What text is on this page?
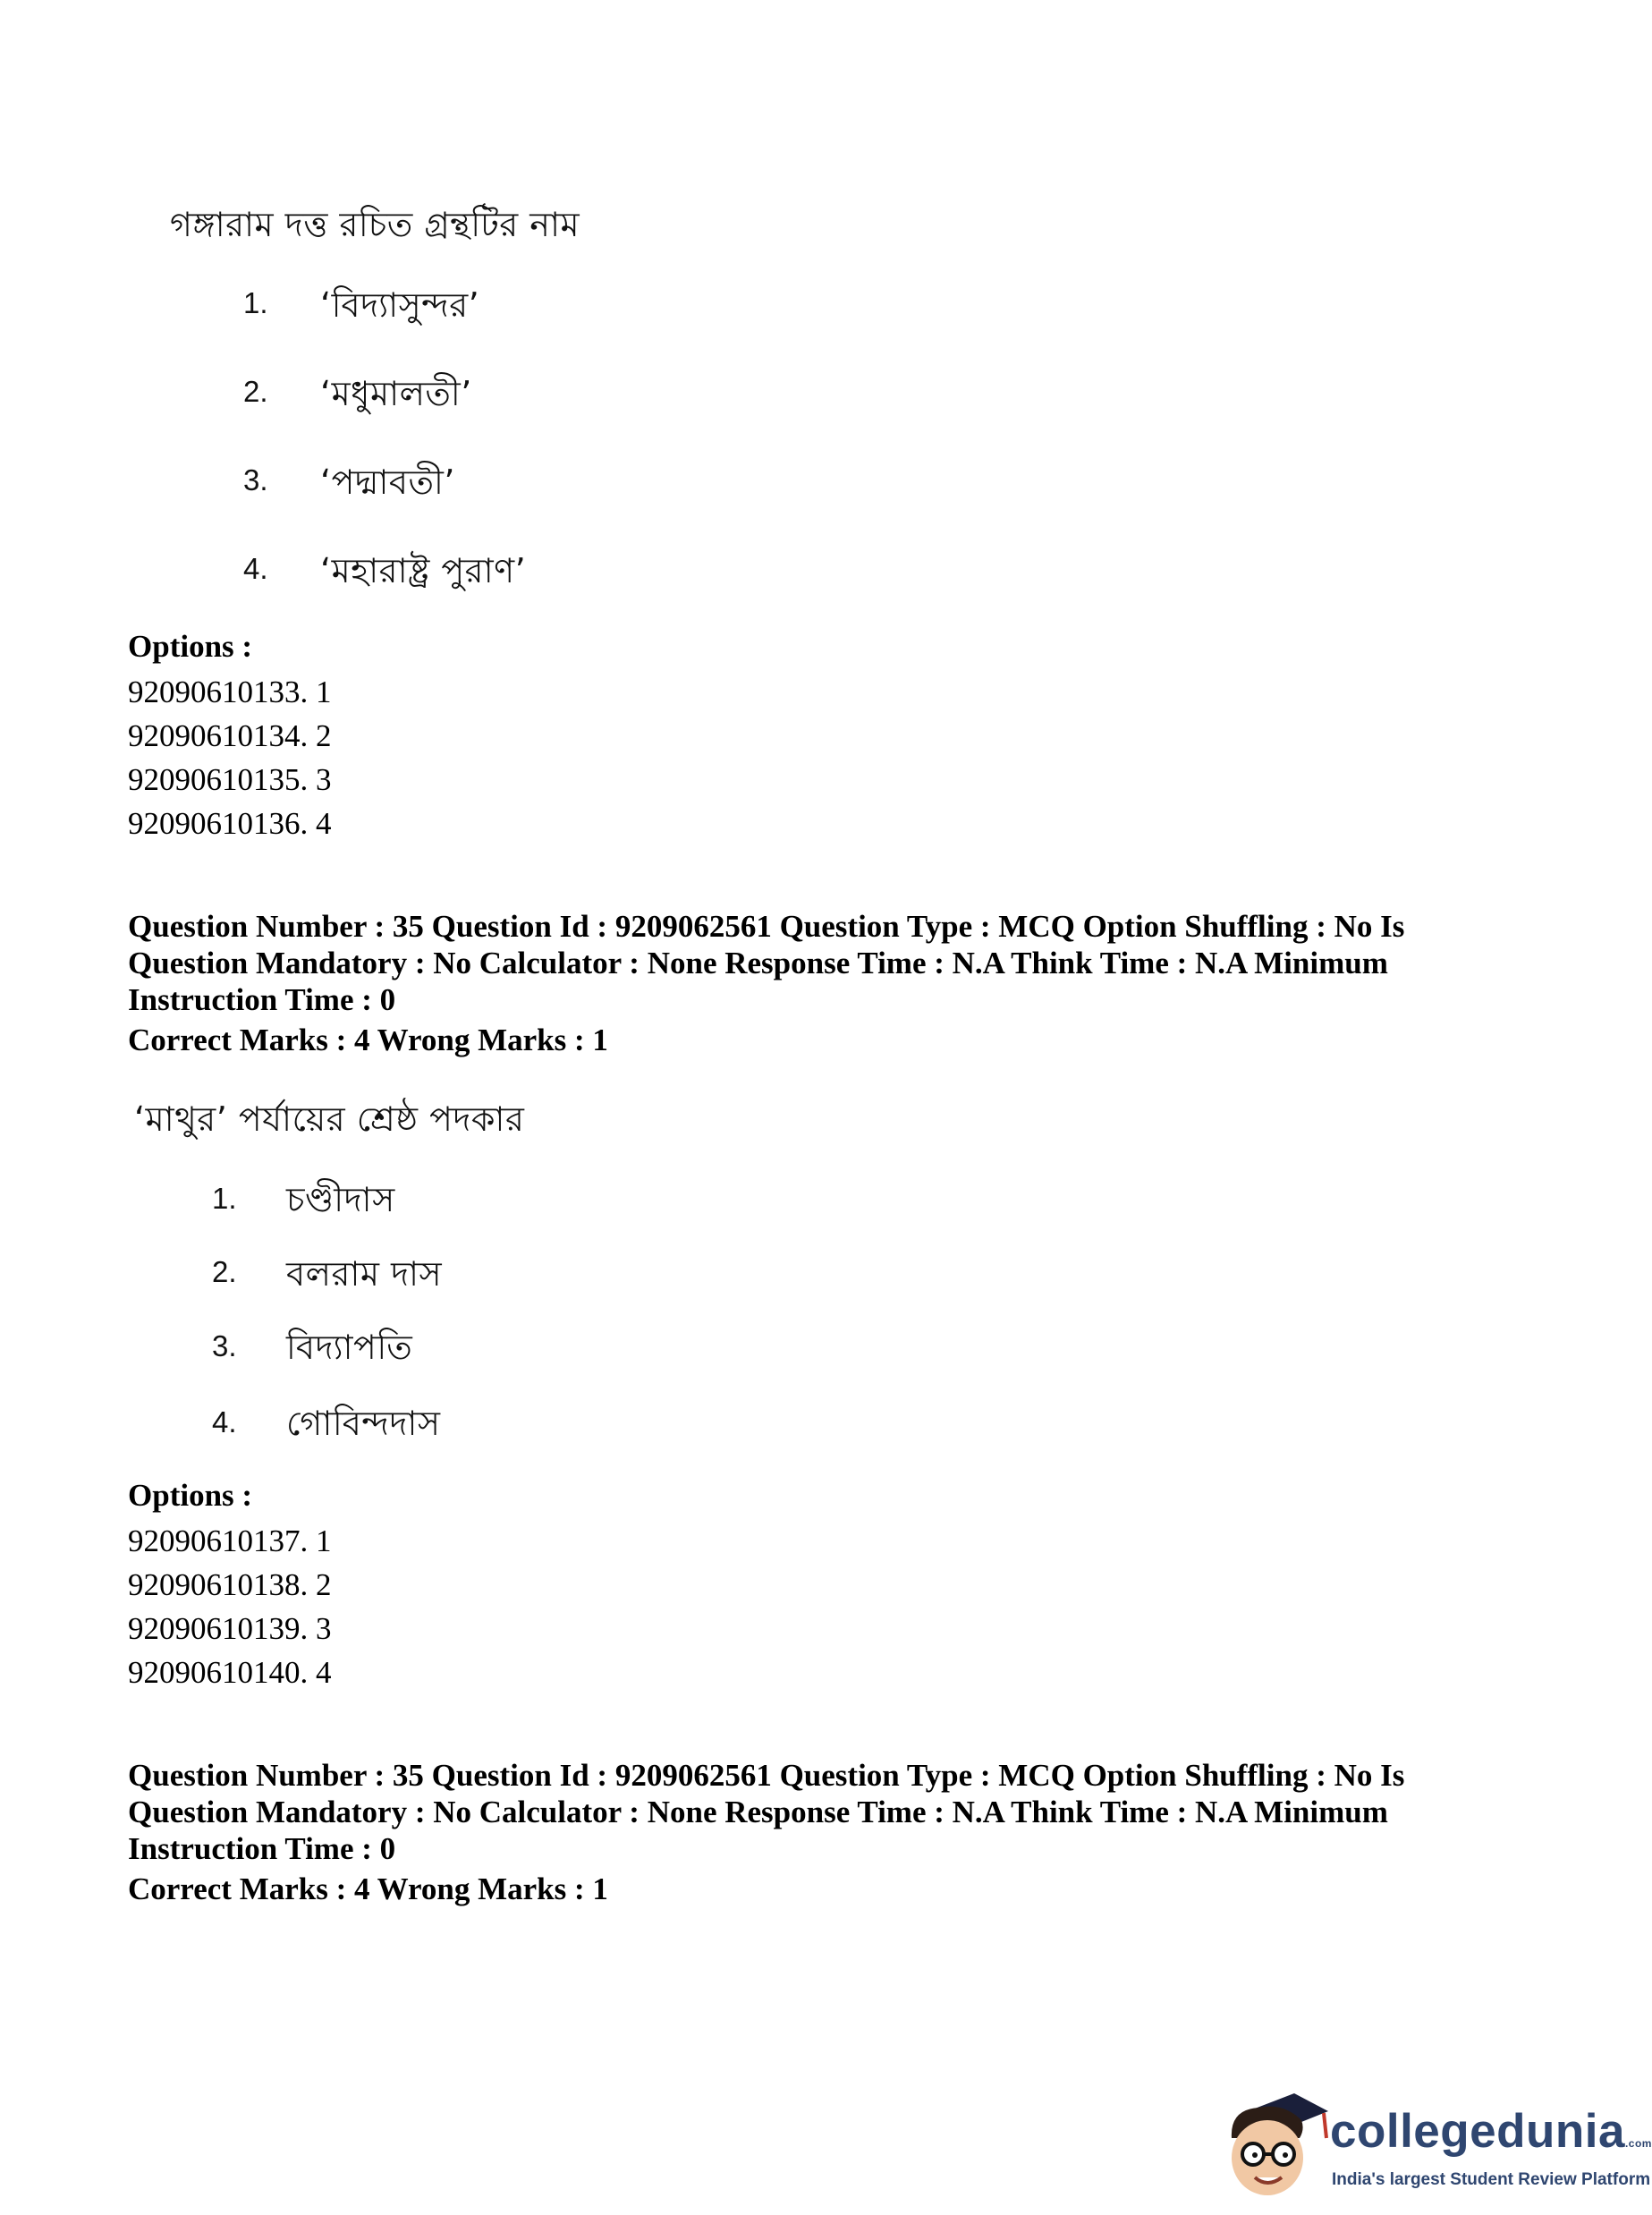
গঙ্গারাম দত্ত রচিত গ্রন্থটির নাম
1. ‘বিদ্যাসুন্দর’
2. ‘মধুমালতী’
3. ‘পদ্মাবতী’
4. ‘মহারাষ্ট্র পুরাণ’
Options :
92090610133. 1
92090610134. 2
92090610135. 3
92090610136. 4
Question Number : 35 Question Id : 9209062561 Question Type : MCQ Option Shuffling : No Is Question Mandatory : No Calculator : None Response Time : N.A Think Time : N.A Minimum Instruction Time : 0
Correct Marks : 4 Wrong Marks : 1
‘মাথুর’ পর্যায়ের শ্রেষ্ঠ পদকার
1. চণ্ডীদাস
2. বলরাম দাস
3. বিদ্যাপতি
4. গোবিন্দদাস
Options :
92090610137. 1
92090610138. 2
92090610139. 3
92090610140. 4
Question Number : 35 Question Id : 9209062561 Question Type : MCQ Option Shuffling : No Is Question Mandatory : No Calculator : None Response Time : N.A Think Time : N.A Minimum Instruction Time : 0
Correct Marks : 4 Wrong Marks : 1
collegedunia.com
India's largest Student Review Platform
